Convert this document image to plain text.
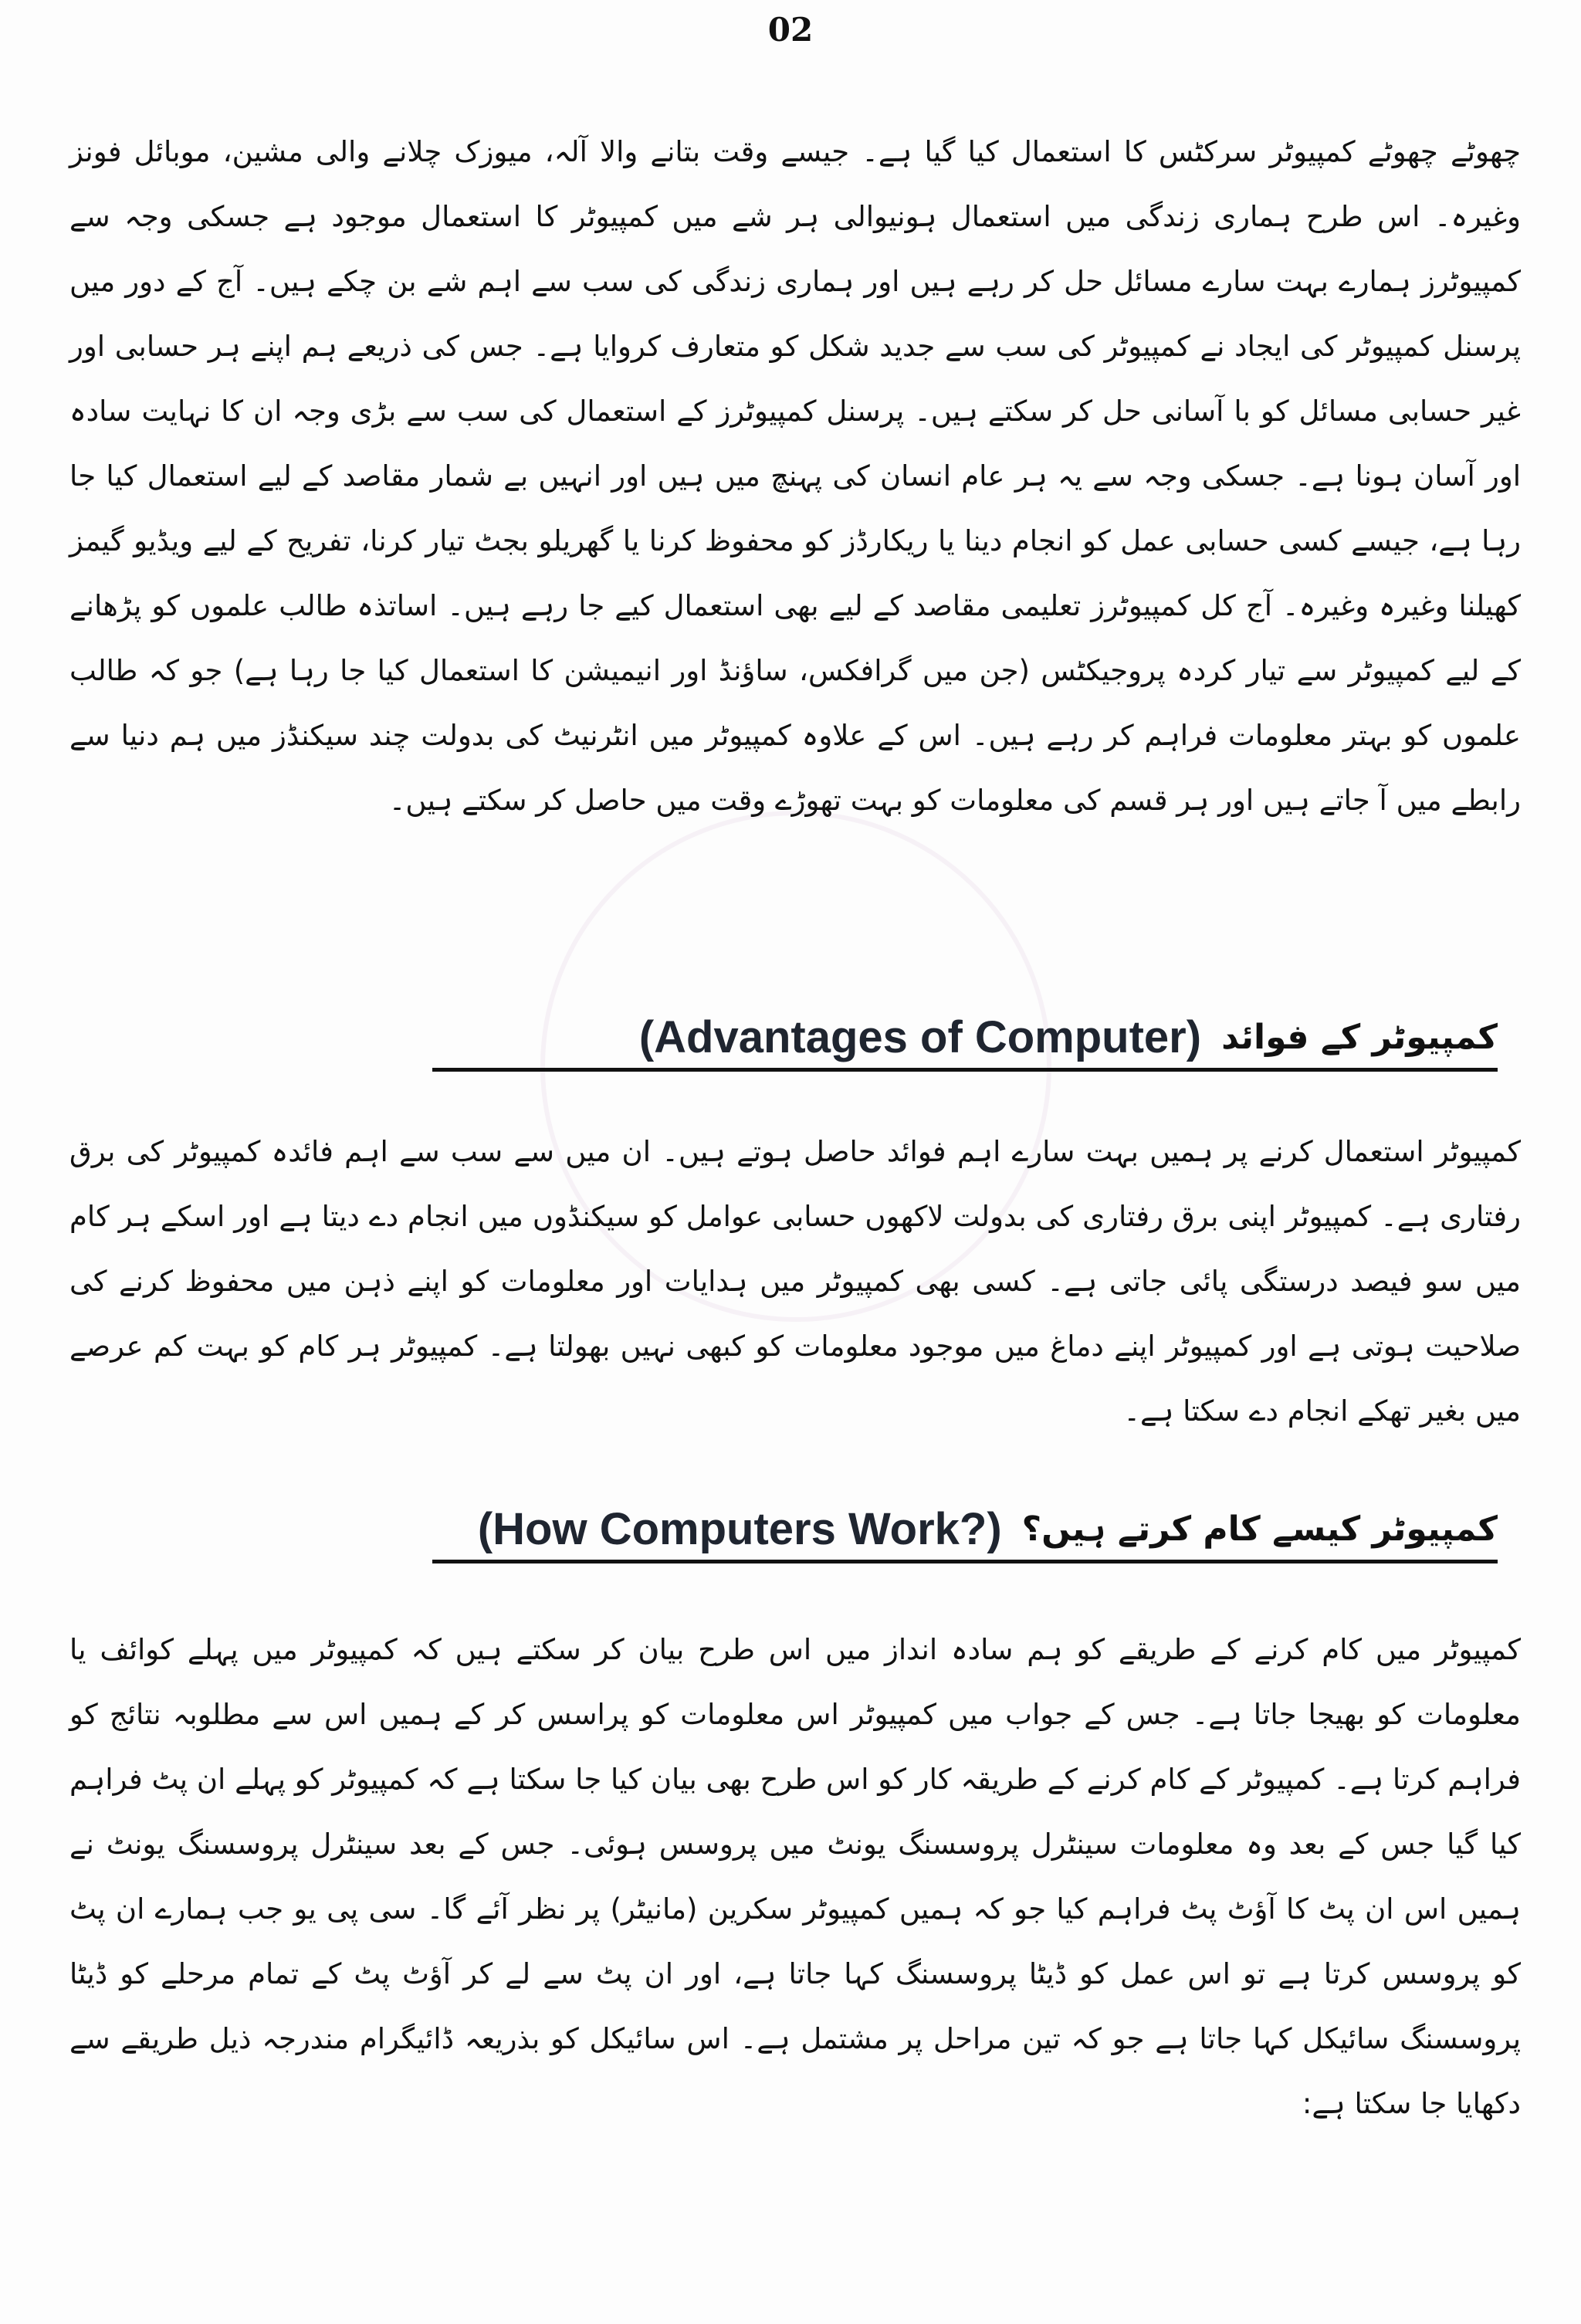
02

چھوٹے چھوٹے کمپیوٹر سرکٹس کا استعمال کیا گیا ہے۔ جیسے وقت بتانے والا آلہ، میوزک چلانے والی مشین، موبائل فونز وغیرہ۔ اس طرح ہماری زندگی میں استعمال ہونیوالی ہر شے میں کمپیوٹر کا استعمال موجود ہے جسکی وجہ سے کمپیوٹرز ہمارے بہت سارے مسائل حل کر رہے ہیں اور ہماری زندگی کی سب سے اہم شے بن چکے ہیں۔ آج کے دور میں پرسنل کمپیوٹر کی ایجاد نے کمپیوٹر کی سب سے جدید شکل کو متعارف کروایا ہے۔ جس کی ذریعے ہم اپنے ہر حسابی اور غیر حسابی مسائل کو با آسانی حل کر سکتے ہیں۔ پرسنل کمپیوٹرز کے استعمال کی سب سے بڑی وجہ ان کا نہایت سادہ اور آسان ہونا ہے۔ جسکی وجہ سے یہ ہر عام انسان کی پہنچ میں ہیں اور انہیں بے شمار مقاصد کے لیے استعمال کیا جا رہا ہے، جیسے کسی حسابی عمل کو انجام دینا یا ریکارڈز کو محفوظ کرنا یا گھریلو بجٹ تیار کرنا، تفریح کے لیے ویڈیو گیمز کھیلنا وغیرہ وغیرہ۔ آج کل کمپیوٹرز تعلیمی مقاصد کے لیے بھی استعمال کیے جا رہے ہیں۔ اساتذہ طالب علموں کو پڑھانے کے لیے کمپیوٹر سے تیار کردہ پروجیکٹس (جن میں گرافکس، ساؤنڈ اور انیمیشن کا استعمال کیا جا رہا ہے) جو کہ طالب علموں کو بہتر معلومات فراہم کر رہے ہیں۔ اس کے علاوہ کمپیوٹر میں انٹرنیٹ کی بدولت چند سیکنڈز میں ہم دنیا سے رابطے میں آ جاتے ہیں اور ہر قسم کی معلومات کو بہت تھوڑے وقت میں حاصل کر سکتے ہیں۔

کمپیوٹر کے فوائد
(Advantages of Computer)

کمپیوٹر استعمال کرنے پر ہمیں بہت سارے اہم فوائد حاصل ہوتے ہیں۔ ان میں سے سب سے اہم فائدہ کمپیوٹر کی برق رفتاری ہے۔ کمپیوٹر اپنی برق رفتاری کی بدولت لاکھوں حسابی عوامل کو سیکنڈوں میں انجام دے دیتا ہے اور اسکے ہر کام میں سو فیصد درستگی پائی جاتی ہے۔ کسی بھی کمپیوٹر میں ہدایات اور معلومات کو اپنے ذہن میں محفوظ کرنے کی صلاحیت ہوتی ہے اور کمپیوٹر اپنے دماغ میں موجود معلومات کو کبھی نہیں بھولتا ہے۔ کمپیوٹر ہر کام کو بہت کم عرصے میں بغیر تھکے انجام دے سکتا ہے۔

کمپیوٹر کیسے کام کرتے ہیں؟
(How Computers Work?)

کمپیوٹر میں کام کرنے کے طریقے کو ہم سادہ انداز میں اس طرح بیان کر سکتے ہیں کہ کمپیوٹر میں پہلے کوائف یا معلومات کو بھیجا جاتا ہے۔ جس کے جواب میں کمپیوٹر اس معلومات کو پراسس کر کے ہمیں اس سے مطلوبہ نتائج کو فراہم کرتا ہے۔ کمپیوٹر کے کام کرنے کے طریقہ کار کو اس طرح بھی بیان کیا جا سکتا ہے کہ کمپیوٹر کو پہلے ان پٹ فراہم کیا گیا جس کے بعد وہ معلومات سینٹرل پروسسنگ یونٹ میں پروسس ہوئی۔ جس کے بعد سینٹرل پروسسنگ یونٹ نے ہمیں اس ان پٹ کا آؤٹ پٹ فراہم کیا جو کہ ہمیں کمپیوٹر سکرین (مانیٹر) پر نظر آئے گا۔ سی پی یو جب ہمارے ان پٹ کو پروسس کرتا ہے تو اس عمل کو ڈیٹا پروسسنگ کہا جاتا ہے، اور ان پٹ سے لے کر آؤٹ پٹ کے تمام مرحلے کو ڈیٹا پروسسنگ سائیکل کہا جاتا ہے جو کہ تین مراحل پر مشتمل ہے۔ اس سائیکل کو بذریعہ ڈائیگرام مندرجہ ذیل طریقے سے دکھایا جا سکتا ہے:
